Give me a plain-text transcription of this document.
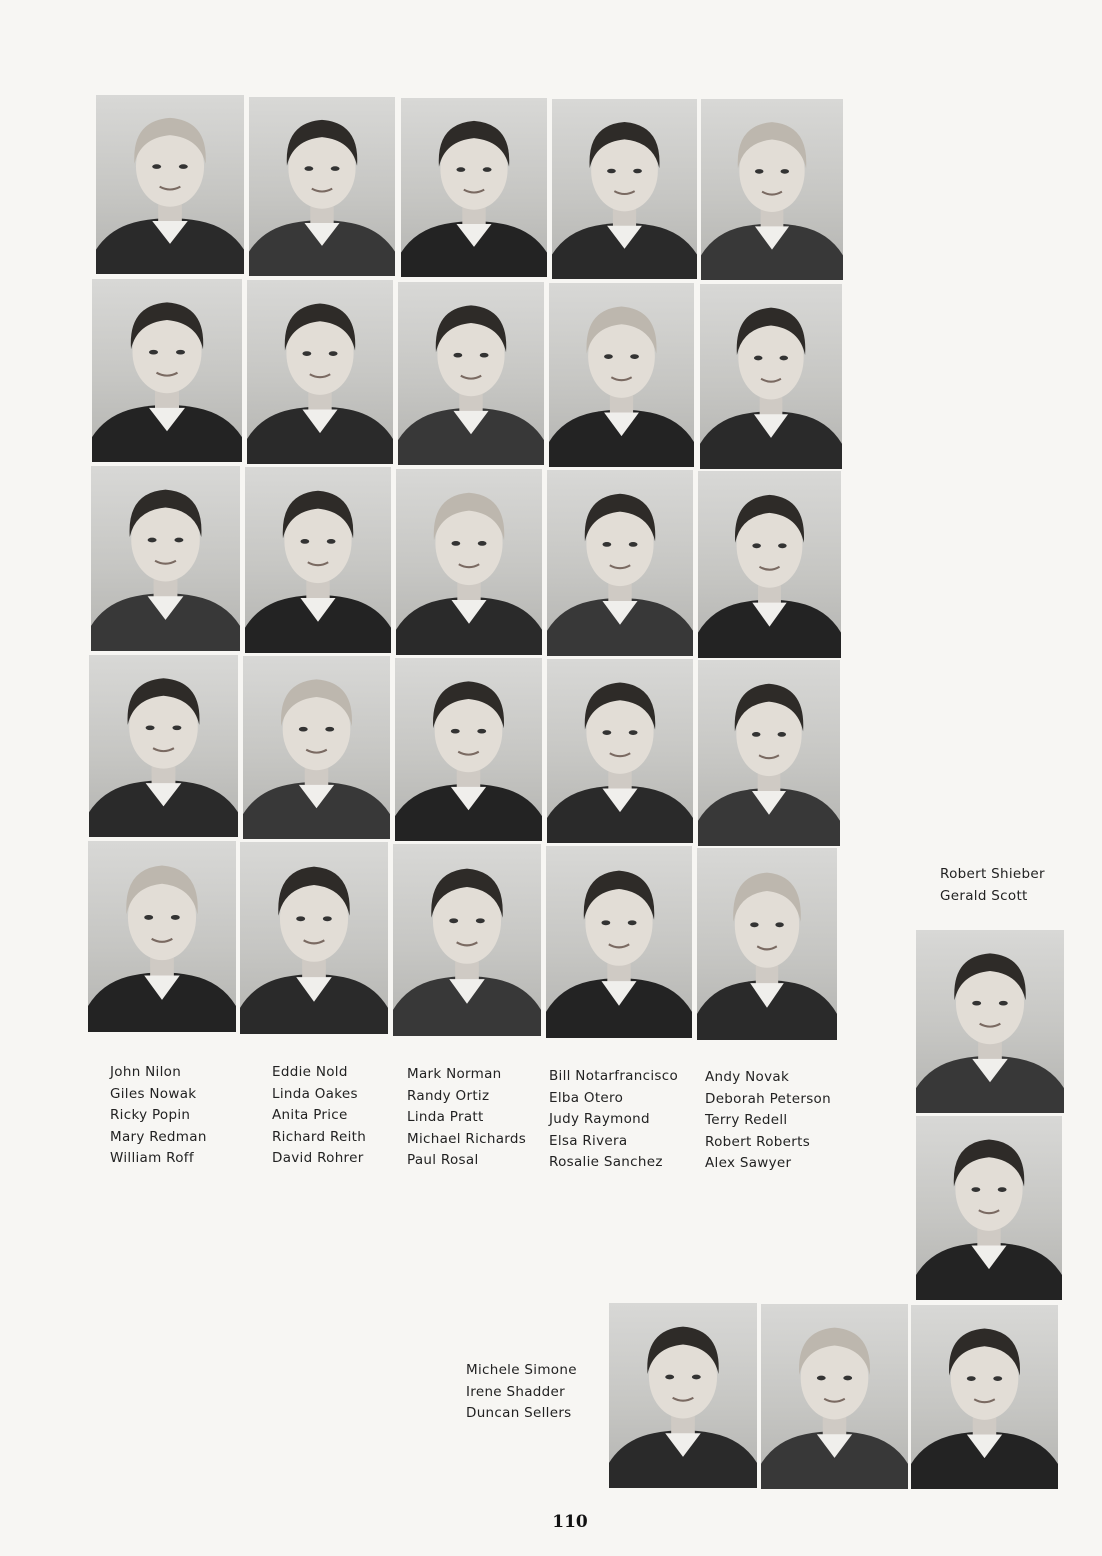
John Nilon
Giles Nowak
Ricky Popin
Mary Redman
William Roff
Eddie Nold
Linda Oakes
Anita Price
Richard Reith
David Rohrer
Mark Norman
Randy Ortiz
Linda Pratt
Michael Richards
Paul Rosal
Bill Notarfrancisco
Elba Otero
Judy Raymond
Elsa Rivera
Rosalie Sanchez
Andy Novak
Deborah Peterson
Terry Redell
Robert Roberts
Alex Sawyer
Robert Shieber
Gerald Scott
Michele Simone
Irene Shadder
Duncan Sellers
110
